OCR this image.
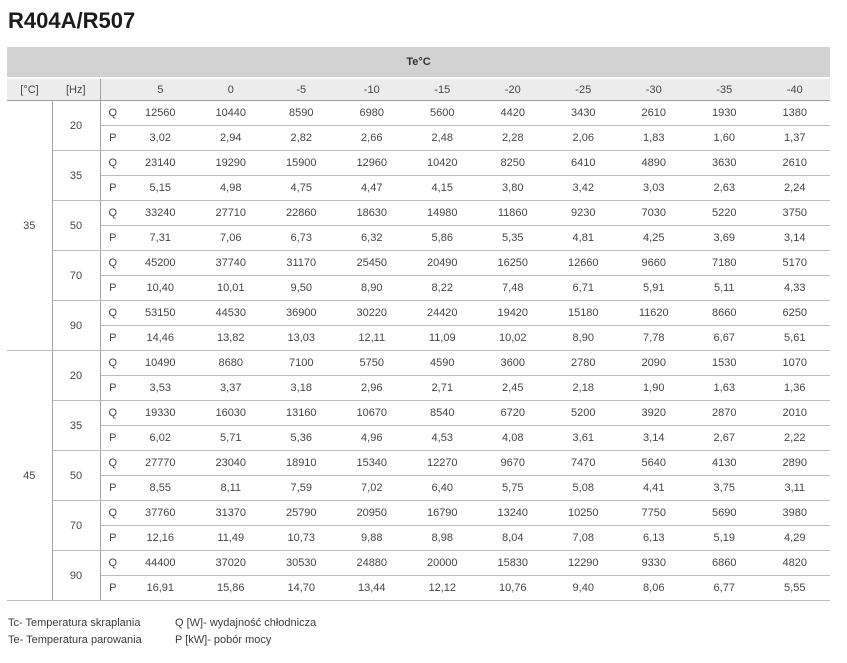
R404A/R507
Te°C												
[°C]	[Hz]		5	0	-5	-10	-15	-20	-25	-30	-35	-40
35	20	Q	12560	10440	8590	6980	5600	4420	3430	2610	1930	1380
		P	3,02	2,94	2,82	2,66	2,48	2,28	2,06	1,83	1,60	1,37
	35	Q	23140	19290	15900	12960	10420	8250	6410	4890	3630	2610
		P	5,15	4,98	4,75	4,47	4,15	3,80	3,42	3,03	2,63	2,24
	50	Q	33240	27710	22860	18630	14980	11860	9230	7030	5220	3750
		P	7,31	7,06	6,73	6,32	5,86	5,35	4,81	4,25	3,69	3,14
	70	Q	45200	37740	31170	25450	20490	16250	12660	9660	7180	5170
		P	10,40	10,01	9,50	8,90	8,22	7,48	6,71	5,91	5,11	4,33
	90	Q	53150	44530	36900	30220	24420	19420	15180	11620	8660	6250
		P	14,46	13,82	13,03	12,11	11,09	10,02	8,90	7,78	6,67	5,61
45	20	Q	10490	8680	7100	5750	4590	3600	2780	2090	1530	1070
		P	3,53	3,37	3,18	2,96	2,71	2,45	2,18	1,90	1,63	1,36
	35	Q	19330	16030	13160	10670	8540	6720	5200	3920	2870	2010
		P	6,02	5,71	5,36	4,96	4,53	4,08	3,61	3,14	2,67	2,22
	50	Q	27770	23040	18910	15340	12270	9670	7470	5640	4130	2890
		P	8,55	8,11	7,59	7,02	6,40	5,75	5,08	4,41	3,75	3,11
	70	Q	37760	31370	25790	20950	16790	13240	10250	7750	5690	3980
		P	12,16	11,49	10,73	9,88	8,98	8,04	7,08	6,13	5,19	4,29
	90	Q	44400	37020	30530	24880	20000	15830	12290	9330	6860	4820
		P	16,91	15,86	14,70	13,44	12,12	10,76	9,40	8,06	6,77	5,55
Tc- Temperatura skraplania
Te- Temperatura parowania
Q [W]- wydajność chłodnicza
P [kW]- pobór mocy
